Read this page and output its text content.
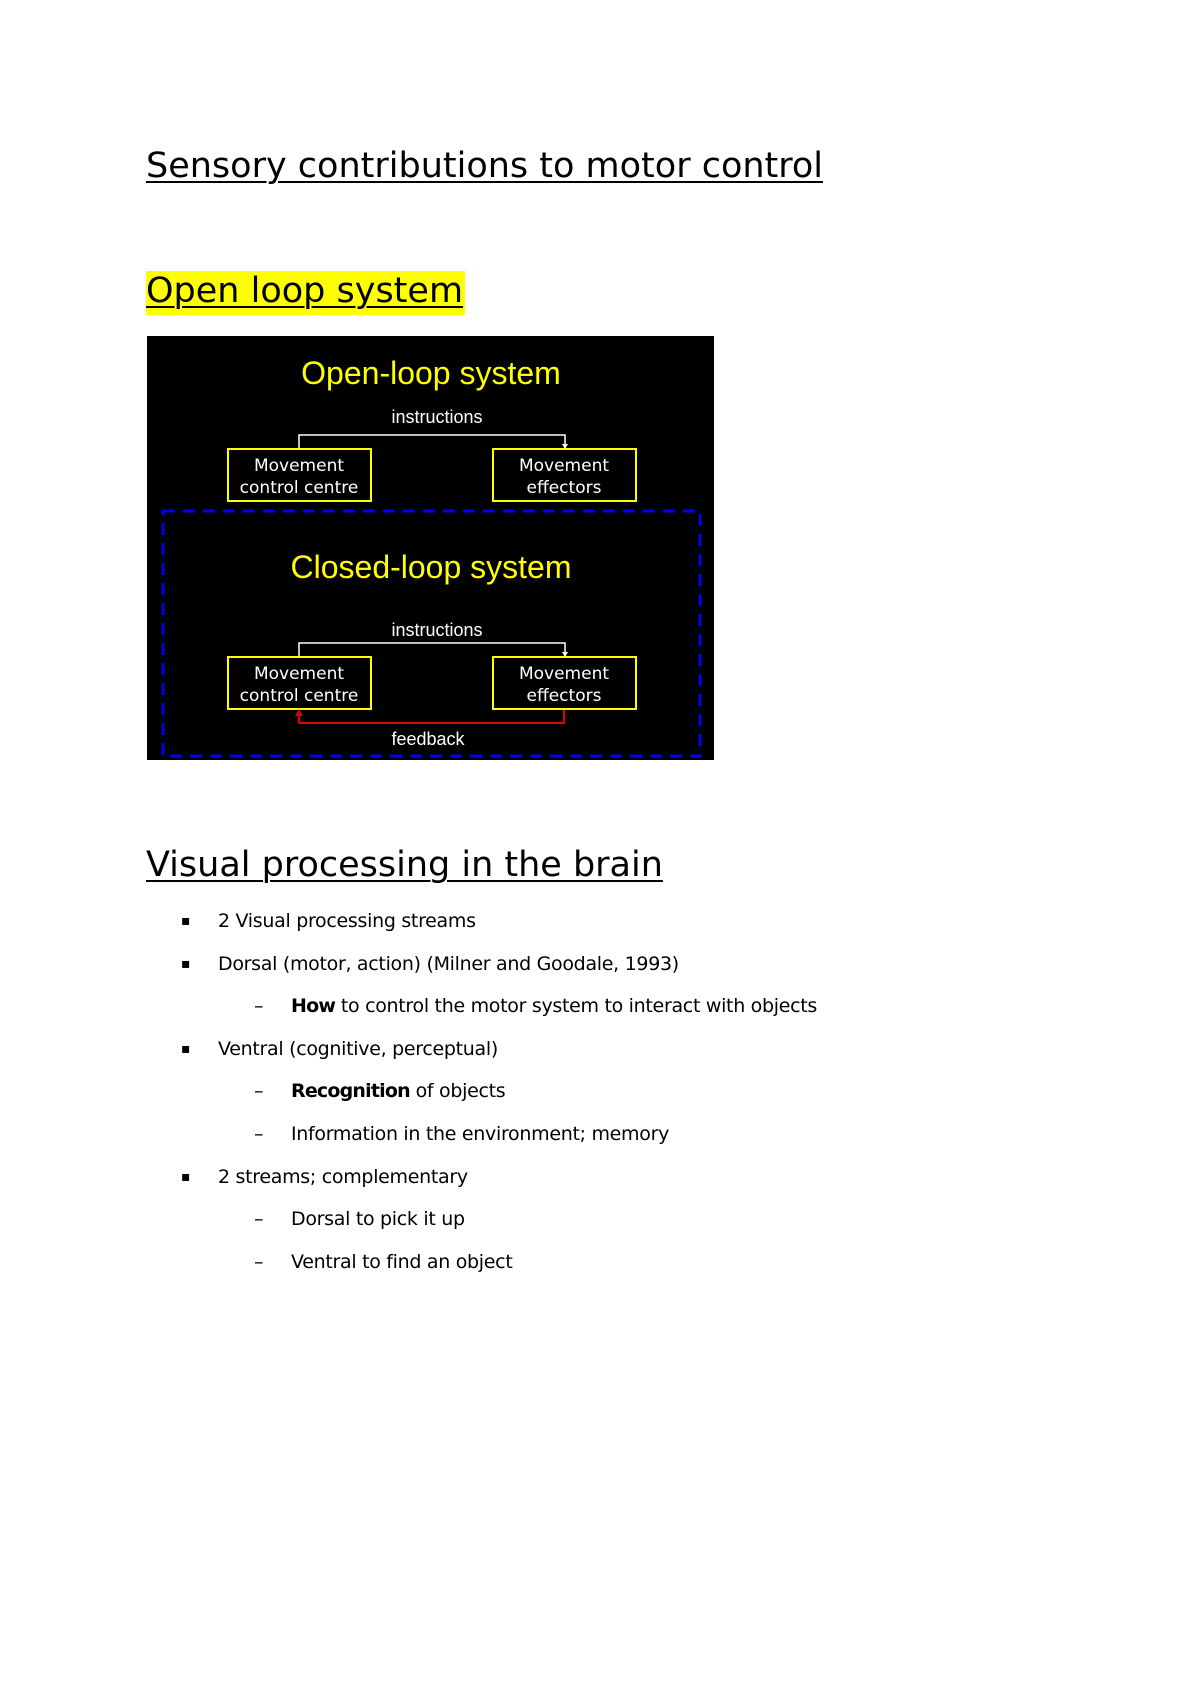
Sensory contributions to motor control
Open loop system
Open-loop system
instructions
Movement
control centre
Movement
effectors
Closed-loop system
instructions
Movement
control centre
Movement
effectors
feedback
Visual processing in the brain
▪ 2 Visual processing streams
▪ Dorsal (motor, action) (Milner and Goodale, 1993)
– How to control the motor system to interact with objects
▪ Ventral (cognitive, perceptual)
– Recognition of objects
– Information in the environment; memory
▪ 2 streams; complementary
– Dorsal to pick it up
– Ventral to find an object
